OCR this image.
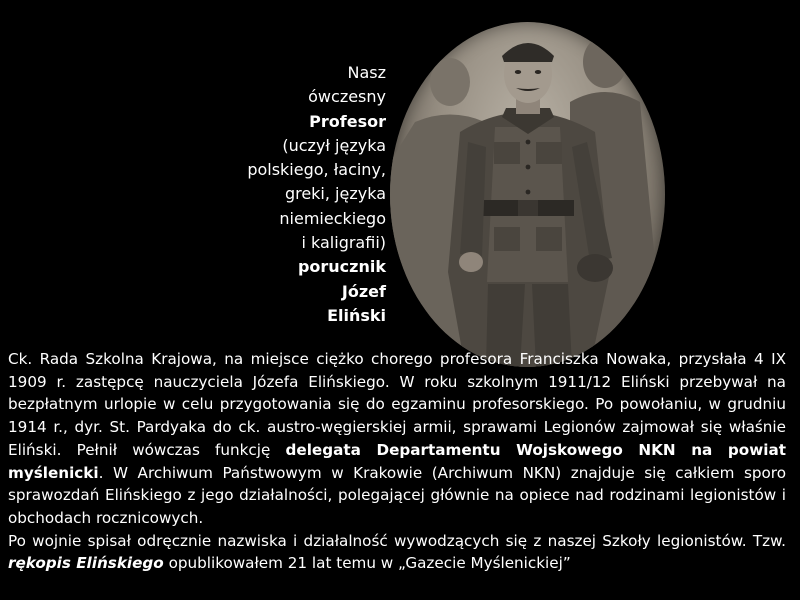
Nasz
ówczesny
Profesor
(uczył języka
polskiego, łaciny,
greki, języka
niemieckiego
i kaligrafii)
porucznik
Józef
Eliński

Ck. Rada Szkolna Krajowa, na miejsce ciężko chorego profesora Franciszka Nowaka, przysłała 4 IX 1909 r. zastępcę nauczyciela Józefa Elińskiego. W roku szkolnym 1911/12 Eliński przebywał na bezpłatnym urlopie w celu przygotowania się do egzaminu profesorskiego. Po powołaniu, w grudniu 1914 r., dyr. St. Pardyaka do ck. austro-węgierskiej armii, sprawami Legionów zajmował się właśnie Eliński. Pełnił wówczas funkcję delegata Departamentu Wojskowego NKN na powiat myślenicki. W Archiwum Państwowym w Krakowie (Archiwum NKN) znajduje się całkiem sporo sprawozdań Elińskiego z jego działalności, polegającej głównie na opiece nad rodzinami legionistów i obchodach rocznicowych.

Po wojnie spisał odręcznie nazwiska i działalność wywodzących się z naszej Szkoły legionistów. Tzw. rękopis Elińskiego opublikowałem 21 lat temu w „Gazecie Myślenickiej”
